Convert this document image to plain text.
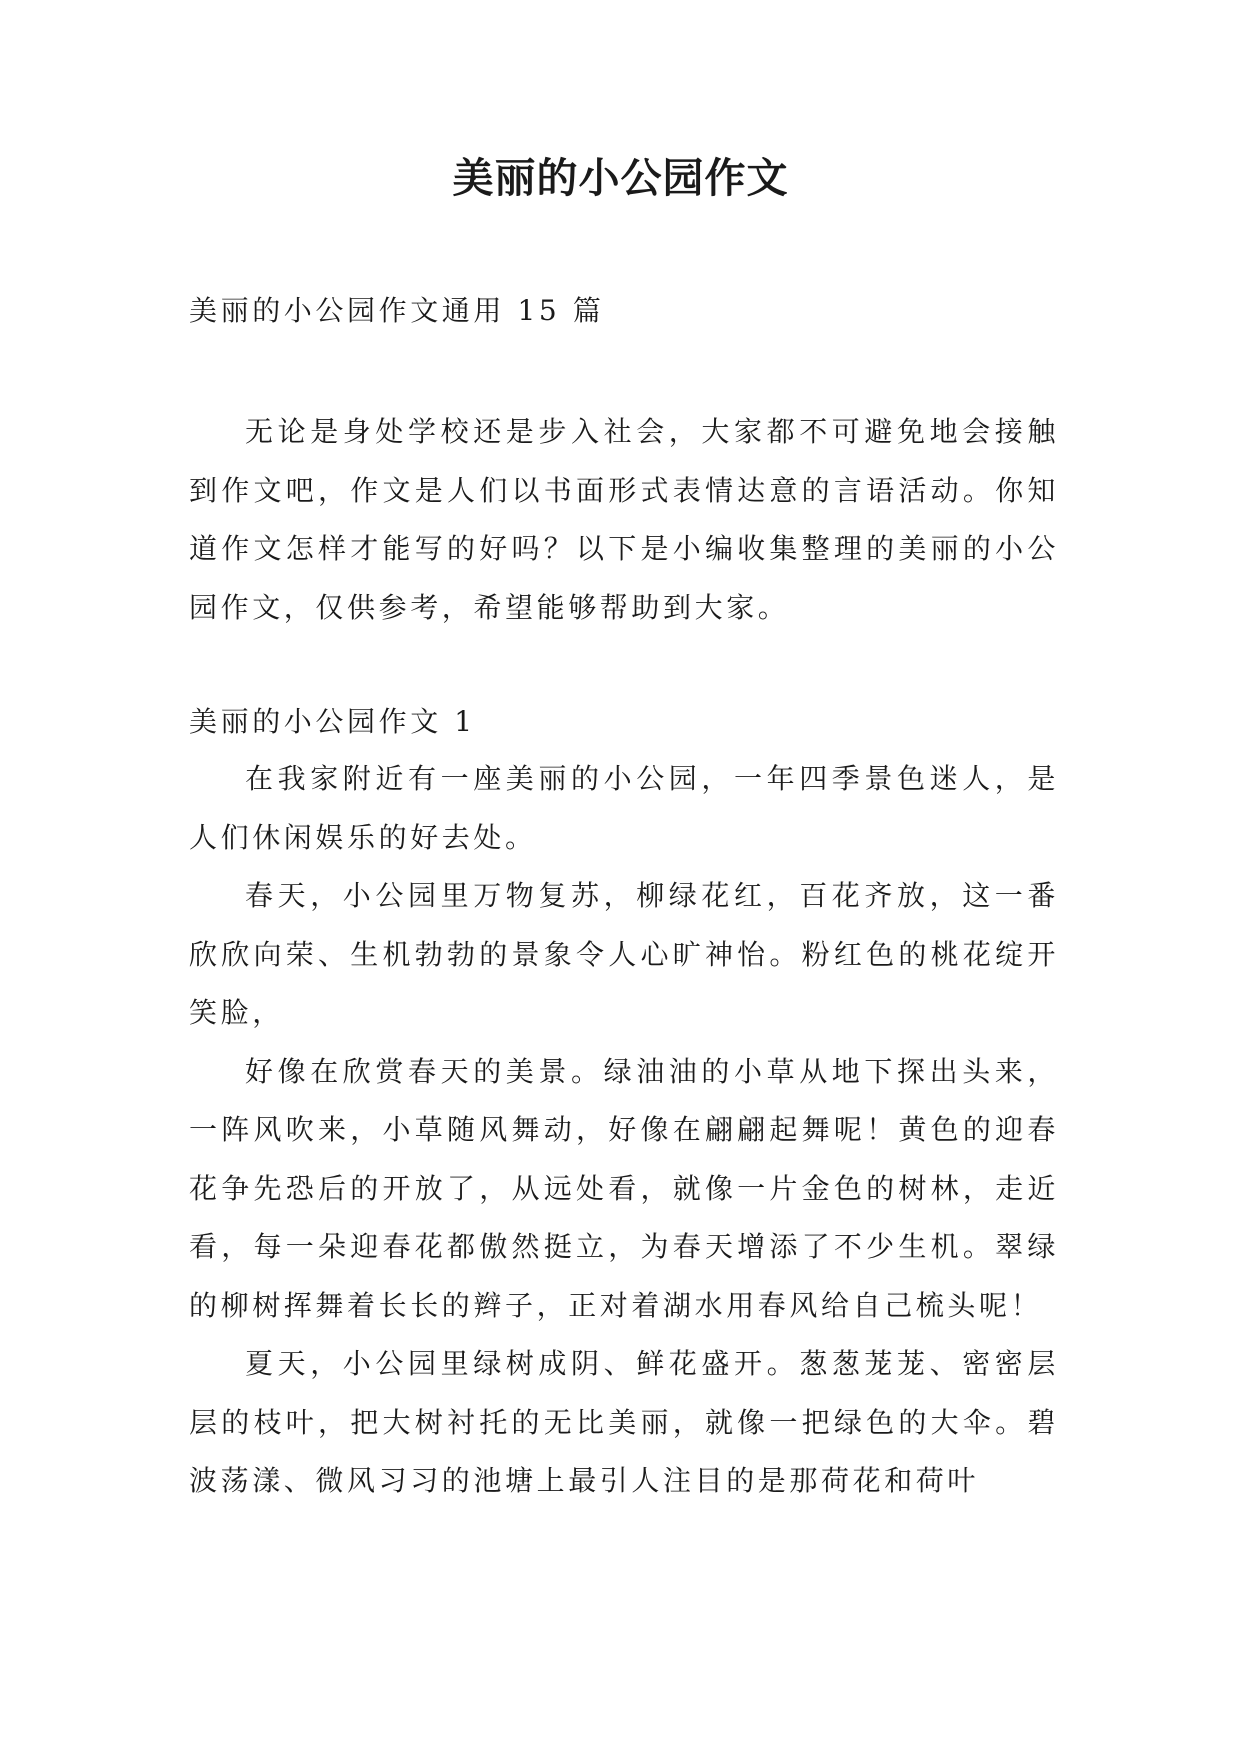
美丽的小公园作文

美丽的小公园作文通用 15 篇

无论是身处学校还是步入社会，大家都不可避免地会接触到作文吧，作文是人们以书面形式表情达意的言语活动。你知道作文怎样才能写的好吗？以下是小编收集整理的美丽的小公园作文，仅供参考，希望能够帮助到大家。

美丽的小公园作文 1

在我家附近有一座美丽的小公园，一年四季景色迷人，是人们休闲娱乐的好去处。

春天，小公园里万物复苏，柳绿花红，百花齐放，这一番欣欣向荣、生机勃勃的景象令人心旷神怡。粉红色的桃花绽开笑脸，

好像在欣赏春天的美景。绿油油的小草从地下探出头来，一阵风吹来，小草随风舞动，好像在翩翩起舞呢！黄色的迎春花争先恐后的开放了，从远处看，就像一片金色的树林，走近看，每一朵迎春花都傲然挺立，为春天增添了不少生机。翠绿的柳树挥舞着长长的辫子，正对着湖水用春风给自己梳头呢！

夏天，小公园里绿树成阴、鲜花盛开。葱葱茏茏、密密层层的枝叶，把大树衬托的无比美丽，就像一把绿色的大伞。碧波荡漾、微风习习的池塘上最引人注目的是那荷花和荷叶
